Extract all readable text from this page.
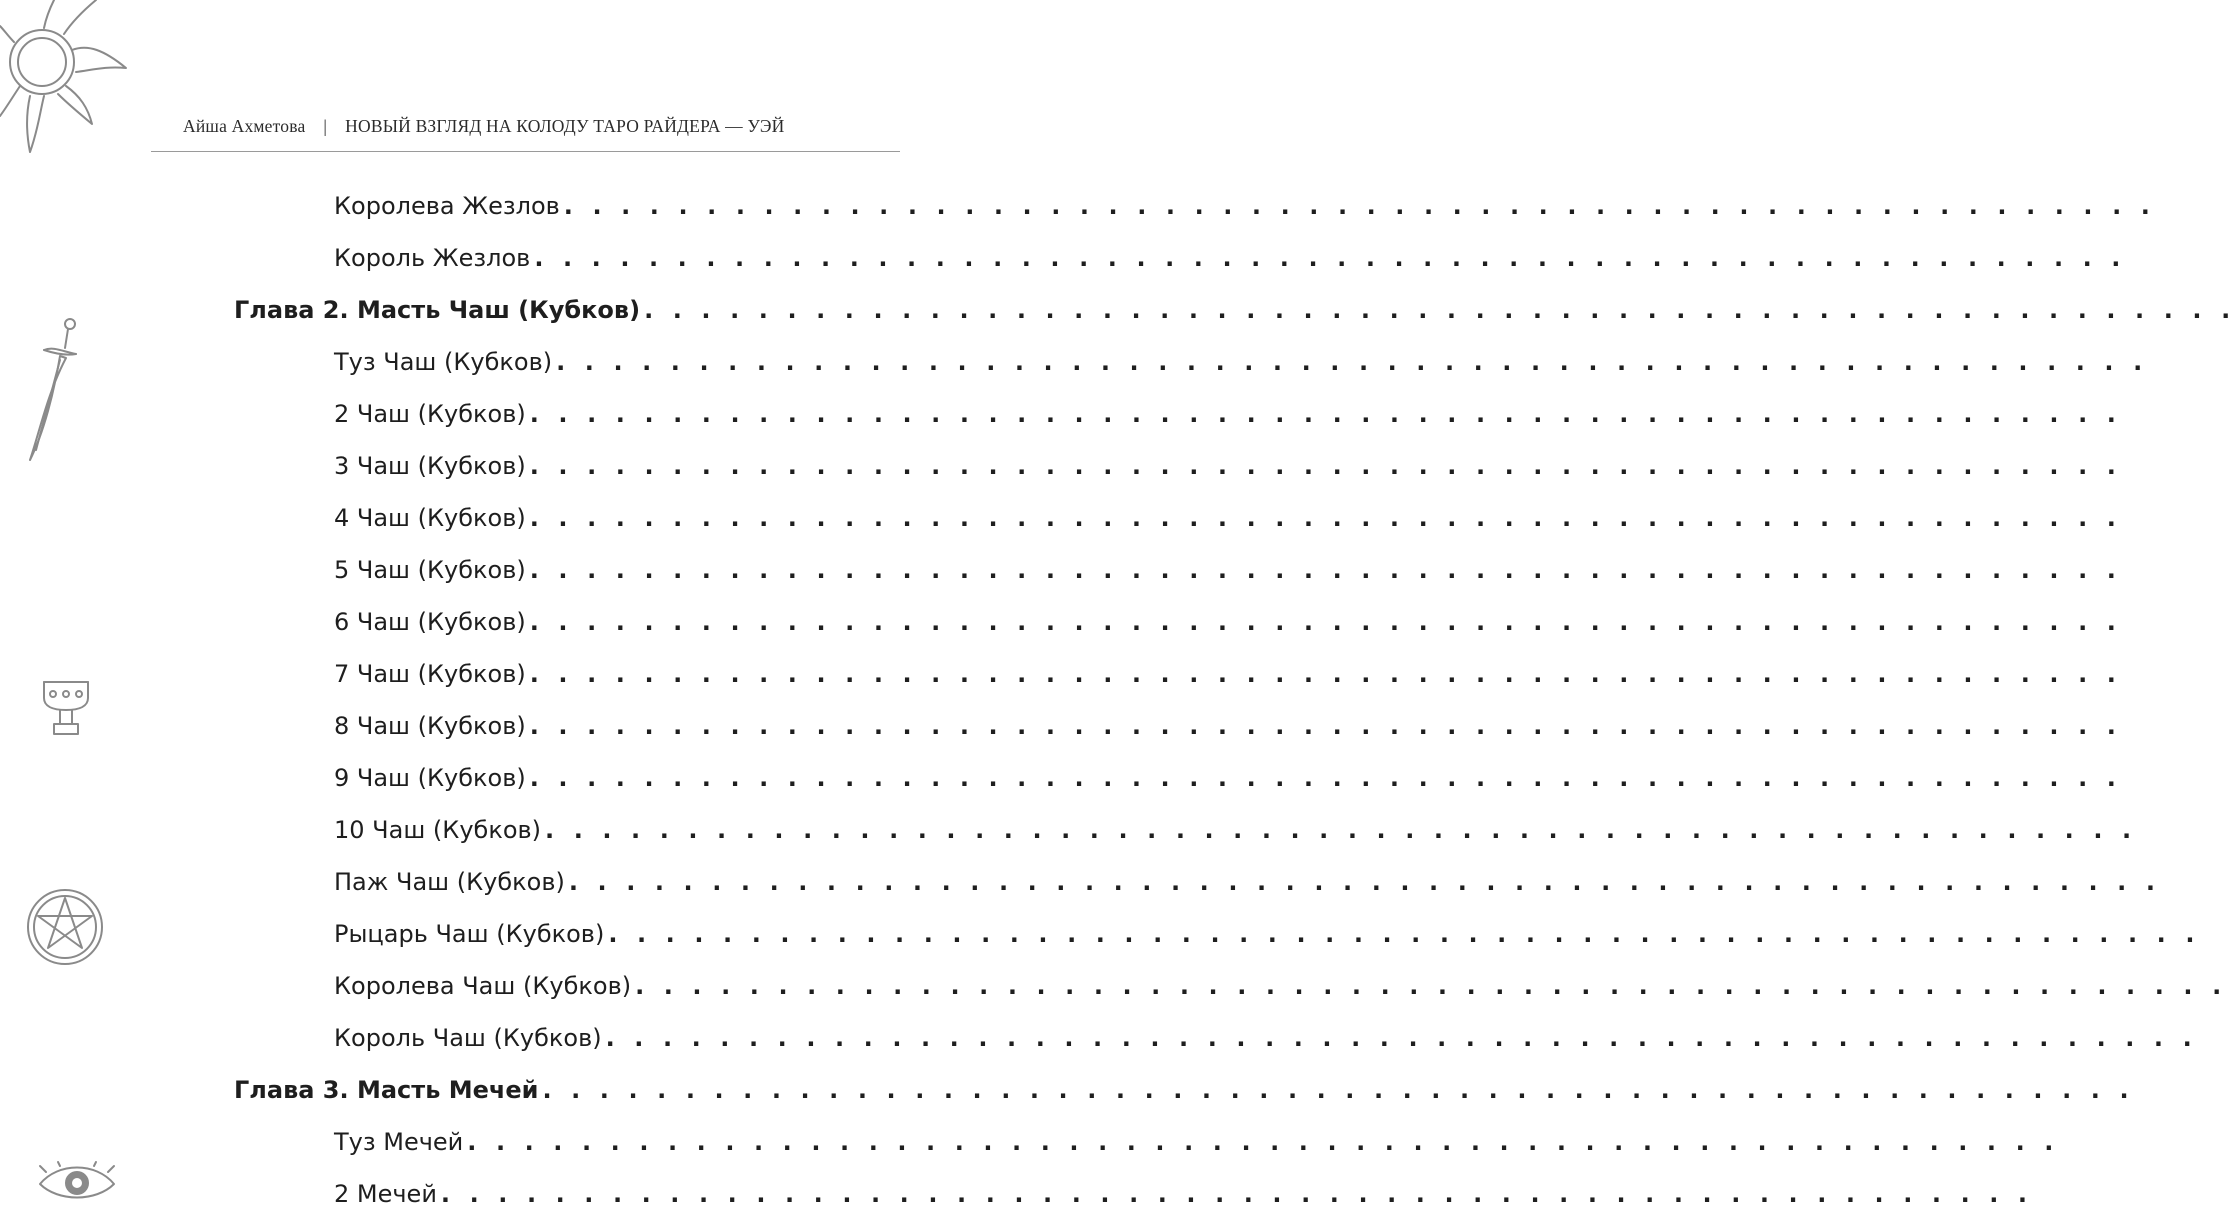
Айша Ахметова | НОВЫЙ ВЗГЛЯД НА КОЛОДУ ТАРО РАЙДЕРА — УЭЙ
Королева Жезлов . . . . . . . . . . . . . . . . . . . . . . . . . . . . . . . . . . . . . . . . . . . . . . . . . . . . . . . .
Король Жезлов . . . . . . . . . . . . . . . . . . . . . . . . . . . . . . . . . . . . . . . . . . . . . . . . . . . . . . . .
Глава 2. Масть Чаш (Кубков) . . . . . . . . . . . . . . . . . . . . . . . . . . . . . . . . . . . . . . . . . . . . . . . . . . . . . . . .
Туз Чаш (Кубков) . . . . . . . . . . . . . . . . . . . . . . . . . . . . . . . . . . . . . . . . . . . . . . . . . . . . . . . .
2 Чаш (Кубков) . . . . . . . . . . . . . . . . . . . . . . . . . . . . . . . . . . . . . . . . . . . . . . . . . . . . . . . .
3 Чаш (Кубков) . . . . . . . . . . . . . . . . . . . . . . . . . . . . . . . . . . . . . . . . . . . . . . . . . . . . . . . .
4 Чаш (Кубков) . . . . . . . . . . . . . . . . . . . . . . . . . . . . . . . . . . . . . . . . . . . . . . . . . . . . . . . .
5 Чаш (Кубков) . . . . . . . . . . . . . . . . . . . . . . . . . . . . . . . . . . . . . . . . . . . . . . . . . . . . . . . .
6 Чаш (Кубков) . . . . . . . . . . . . . . . . . . . . . . . . . . . . . . . . . . . . . . . . . . . . . . . . . . . . . . . .
7 Чаш (Кубков) . . . . . . . . . . . . . . . . . . . . . . . . . . . . . . . . . . . . . . . . . . . . . . . . . . . . . . . .
8 Чаш (Кубков) . . . . . . . . . . . . . . . . . . . . . . . . . . . . . . . . . . . . . . . . . . . . . . . . . . . . . . . .
9 Чаш (Кубков) . . . . . . . . . . . . . . . . . . . . . . . . . . . . . . . . . . . . . . . . . . . . . . . . . . . . . . . .
10 Чаш (Кубков) . . . . . . . . . . . . . . . . . . . . . . . . . . . . . . . . . . . . . . . . . . . . . . . . . . . . . . . .
Паж Чаш (Кубков) . . . . . . . . . . . . . . . . . . . . . . . . . . . . . . . . . . . . . . . . . . . . . . . . . . . . . . . .
Рыцарь Чаш (Кубков) . . . . . . . . . . . . . . . . . . . . . . . . . . . . . . . . . . . . . . . . . . . . . . . . . . . . . . . .
Королева Чаш (Кубков) . . . . . . . . . . . . . . . . . . . . . . . . . . . . . . . . . . . . . . . . . . . . . . . . . . . . . . . .
Король Чаш (Кубков) . . . . . . . . . . . . . . . . . . . . . . . . . . . . . . . . . . . . . . . . . . . . . . . . . . . . . . . .
Глава 3. Масть Мечей . . . . . . . . . . . . . . . . . . . . . . . . . . . . . . . . . . . . . . . . . . . . . . . . . . . . . . . .
Туз Мечей . . . . . . . . . . . . . . . . . . . . . . . . . . . . . . . . . . . . . . . . . . . . . . . . . . . . . . . .
2 Мечей . . . . . . . . . . . . . . . . . . . . . . . . . . . . . . . . . . . . . . . . . . . . . . . . . . . . . . . .
